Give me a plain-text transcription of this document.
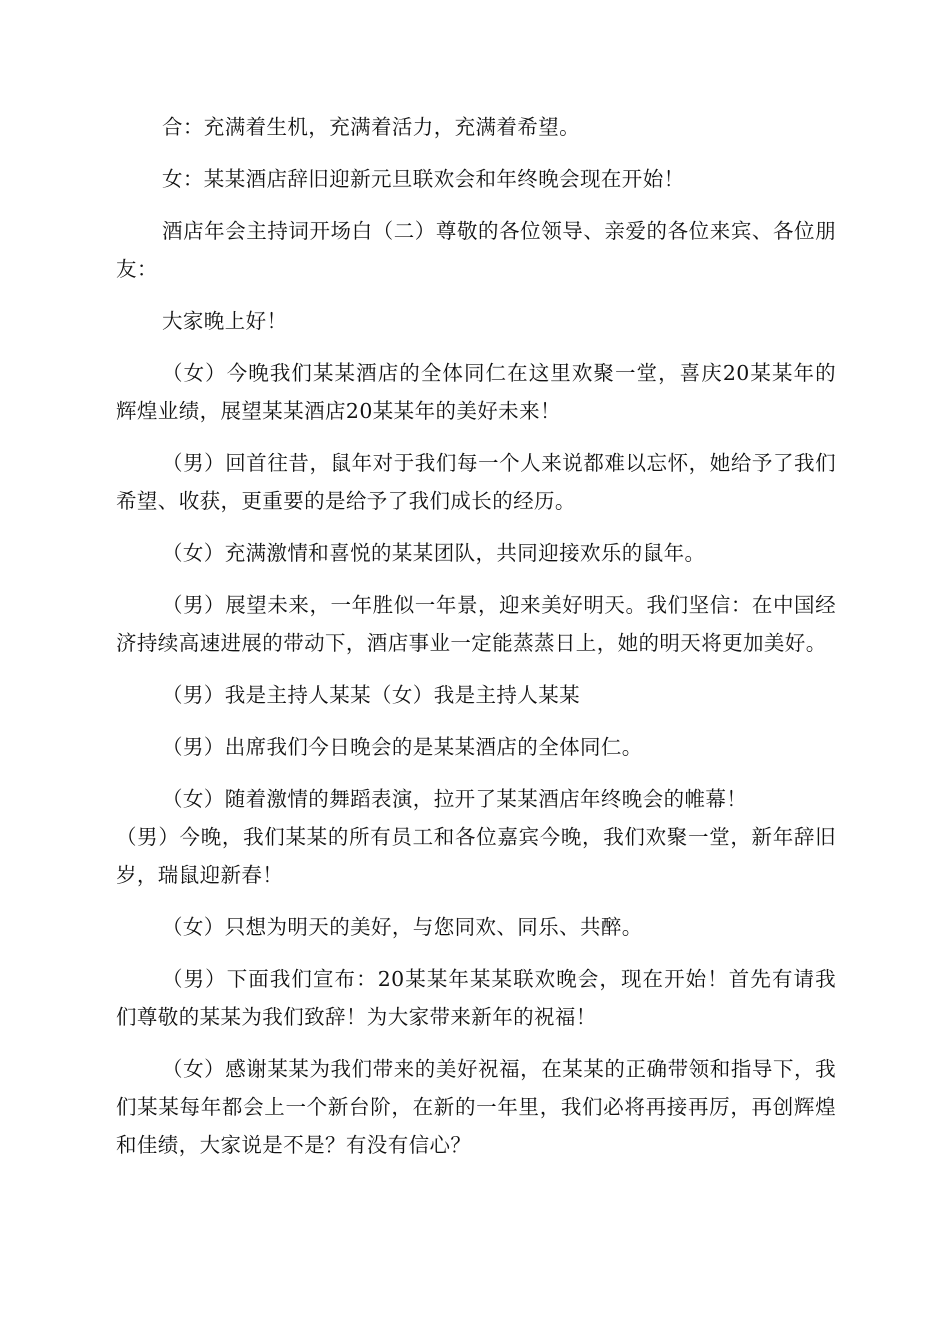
合：充满着生机，充满着活力，充满着希望。

女：某某酒店辞旧迎新元旦联欢会和年终晚会现在开始！

酒店年会主持词开场白（二）尊敬的各位领导、亲爱的各位来宾、各位朋友：

大家晚上好！

（女）今晚我们某某酒店的全体同仁在这里欢聚一堂，喜庆20某某年的辉煌业绩，展望某某酒店20某某年的美好未来！

（男）回首往昔，鼠年对于我们每一个人来说都难以忘怀，她给予了我们希望、收获，更重要的是给予了我们成长的经历。

（女）充满激情和喜悦的某某团队，共同迎接欢乐的鼠年。

（男）展望未来，一年胜似一年景，迎来美好明天。我们坚信：在中国经济持续高速进展的带动下，酒店事业一定能蒸蒸日上，她的明天将更加美好。

（男）我是主持人某某（女）我是主持人某某

（男）出席我们今日晚会的是某某酒店的全体同仁。

（女）随着激情的舞蹈表演，拉开了某某酒店年终晚会的帷幕！

（男）今晚，我们某某的所有员工和各位嘉宾今晚，我们欢聚一堂，新年辞旧岁，瑞鼠迎新春！

（女）只想为明天的美好，与您同欢、同乐、共醉。

（男）下面我们宣布：20某某年某某联欢晚会，现在开始！首先有请我们尊敬的某某为我们致辞！为大家带来新年的祝福！

（女）感谢某某为我们带来的美好祝福，在某某的正确带领和指导下，我们某某每年都会上一个新台阶，在新的一年里，我们必将再接再厉，再创辉煌和佳绩，大家说是不是？有没有信心？
